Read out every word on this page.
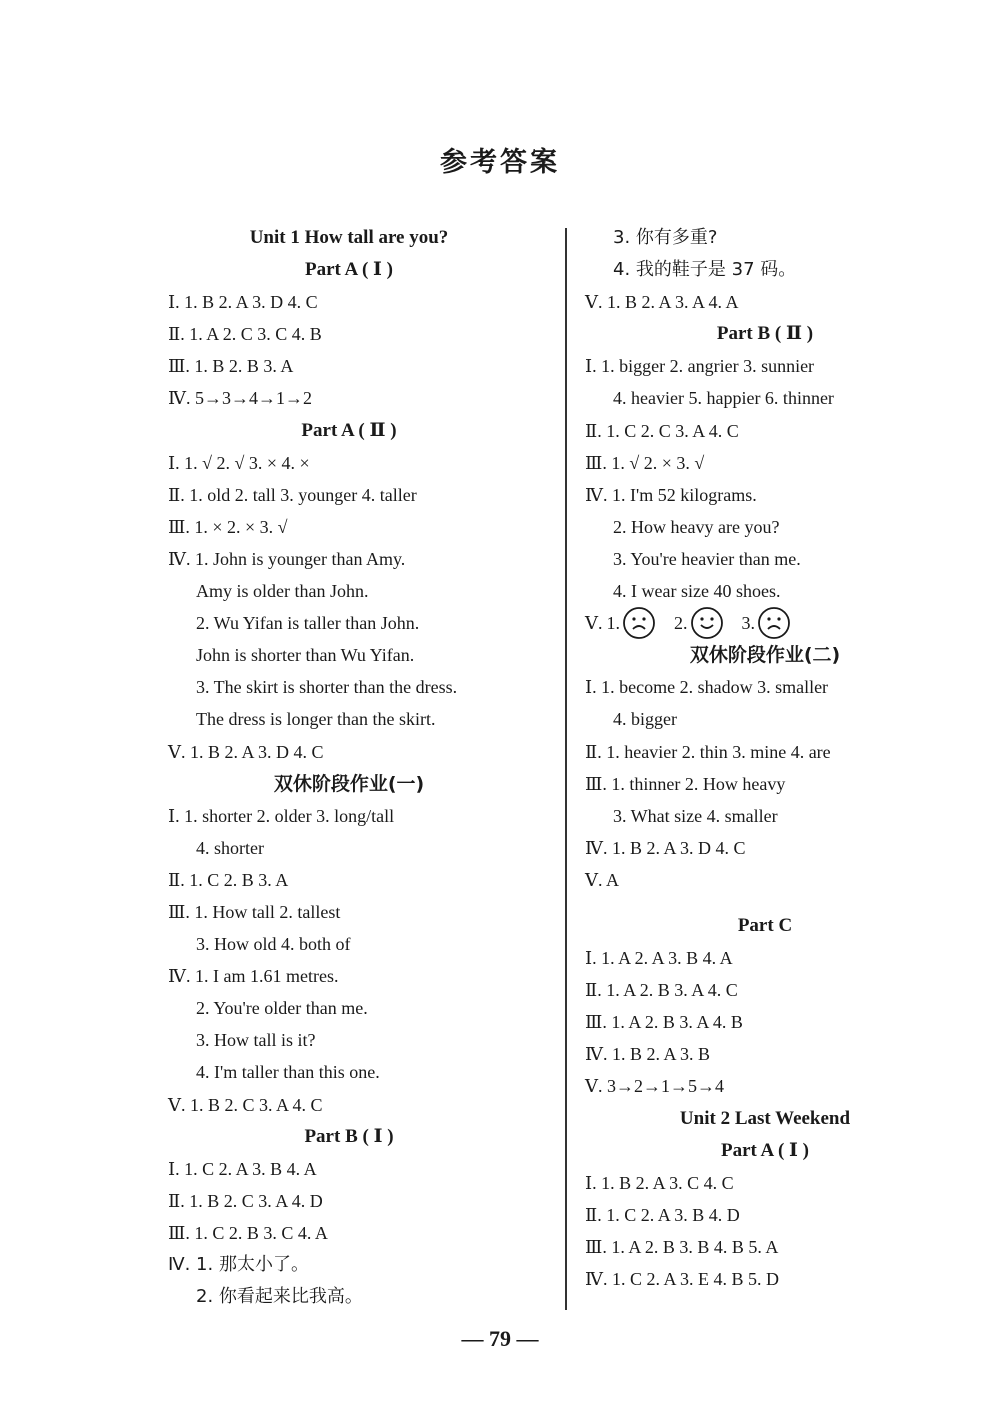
参考答案
Unit 1 How tall are you?
Part A ( Ⅰ )
Ⅰ. 1. B 2. A 3. D 4. C
Ⅱ. 1. A 2. C 3. C 4. B
Ⅲ. 1. B 2. B 3. A
Ⅳ. 5→3→4→1→2
Part A ( Ⅱ )
Ⅰ. 1. √ 2. √ 3. × 4. ×
Ⅱ. 1. old 2. tall 3. younger 4. taller
Ⅲ. 1. × 2. × 3. √
Ⅳ. 1. John is younger than Amy.
Amy is older than John.
2. Wu Yifan is taller than John.
John is shorter than Wu Yifan.
3. The skirt is shorter than the dress.
The dress is longer than the skirt.
Ⅴ. 1. B 2. A 3. D 4. C
双休阶段作业(一)
Ⅰ. 1. shorter 2. older 3. long/tall
4. shorter
Ⅱ. 1. C 2. B 3. A
Ⅲ. 1. How tall 2. tallest
3. How old 4. both of
Ⅳ. 1. I am 1.61 metres.
2. You're older than me.
3. How tall is it?
4. I'm taller than this one.
Ⅴ. 1. B 2. C 3. A 4. C
Part B ( Ⅰ )
Ⅰ. 1. C 2. A 3. B 4. A
Ⅱ. 1. B 2. C 3. A 4. D
Ⅲ. 1. C 2. B 3. C 4. A
Ⅳ. 1. 那太小了。
2. 你看起来比我高。
3. 你有多重?
4. 我的鞋子是 37 码。
Ⅴ. 1. B 2. A 3. A 4. A
Part B ( Ⅱ )
Ⅰ. 1. bigger 2. angrier 3. sunnier
4. heavier 5. happier 6. thinner
Ⅱ. 1. C 2. C 3. A 4. C
Ⅲ. 1. √ 2. × 3. √
Ⅳ. 1. I'm 52 kilograms.
2. How heavy are you?
3. You're heavier than me.
4. I wear size 40 shoes.
Ⅴ. 1.	2.	3.
双休阶段作业(二)
Ⅰ. 1. become 2. shadow 3. smaller
4. bigger
Ⅱ. 1. heavier 2. thin 3. mine 4. are
Ⅲ. 1. thinner 2. How heavy
3. What size 4. smaller
Ⅳ. 1. B 2. A 3. D 4. C
Ⅴ. A
Part C
Ⅰ. 1. A 2. A 3. B 4. A
Ⅱ. 1. A 2. B 3. A 4. C
Ⅲ. 1. A 2. B 3. A 4. B
Ⅳ. 1. B 2. A 3. B
Ⅴ. 3→2→1→5→4
Unit 2 Last Weekend
Part A ( Ⅰ )
Ⅰ. 1. B 2. A 3. C 4. C
Ⅱ. 1. C 2. A 3. B 4. D
Ⅲ. 1. A 2. B 3. B 4. B 5. A
Ⅳ. 1. C 2. A 3. E 4. B 5. D
— 79 —
